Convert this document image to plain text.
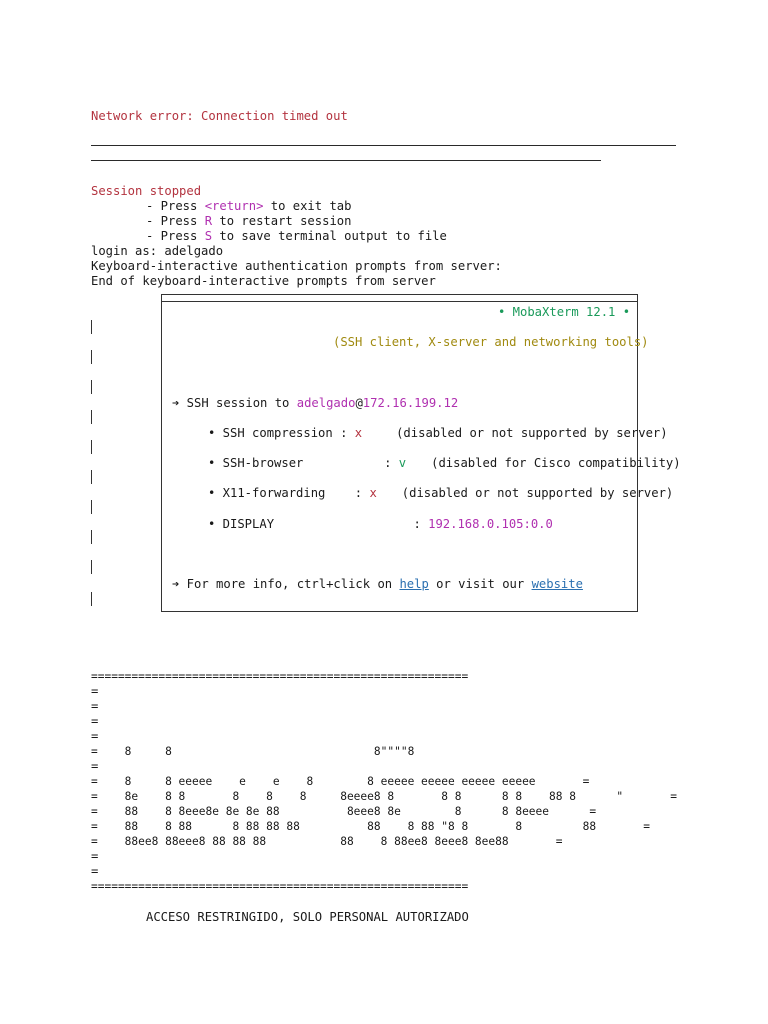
Network error: Connection timed out
Session stopped
- Press <return> to exit tab
- Press R to restart session
- Press S to save terminal output to file
login as: adelgado
Keyboard-interactive authentication prompts from server:
End of keyboard-interactive prompts from server
• MobaXterm 12.1 •
(SSH client, X-server and networking tools)
➔ SSH session to adelgado@172.16.199.12
• SSH compression : x	(disabled or not supported by server)
• SSH-browser           : v (disabled for Cisco compatibility)
• X11-forwarding    : x (disabled or not supported by server)
• DISPLAY                   : 192.168.0.105:0.0
➔ For more info, ctrl+click on help or visit our website
========================================================
=
=
=
=
=    8     8                              8""""8
=
=    8     8 eeeee    e    e    8        8 eeeee eeeee eeeee eeeee       =
=    8e    8 8       8    8    8     8eeee8 8       8 8      8 8    88 8      "       =
=    88    8 8eee8e 8e 8e 88          8eee8 8e        8      8 8eeee      =
=    88    8 88      8 88 88 88          88    8 88 "8 8       8         88       =
=    88ee8 88eee8 88 88 88           88    8 88ee8 8eee8 8ee88       =
=
=
========================================================
ACCESO RESTRINGIDO, SOLO PERSONAL AUTORIZADO
